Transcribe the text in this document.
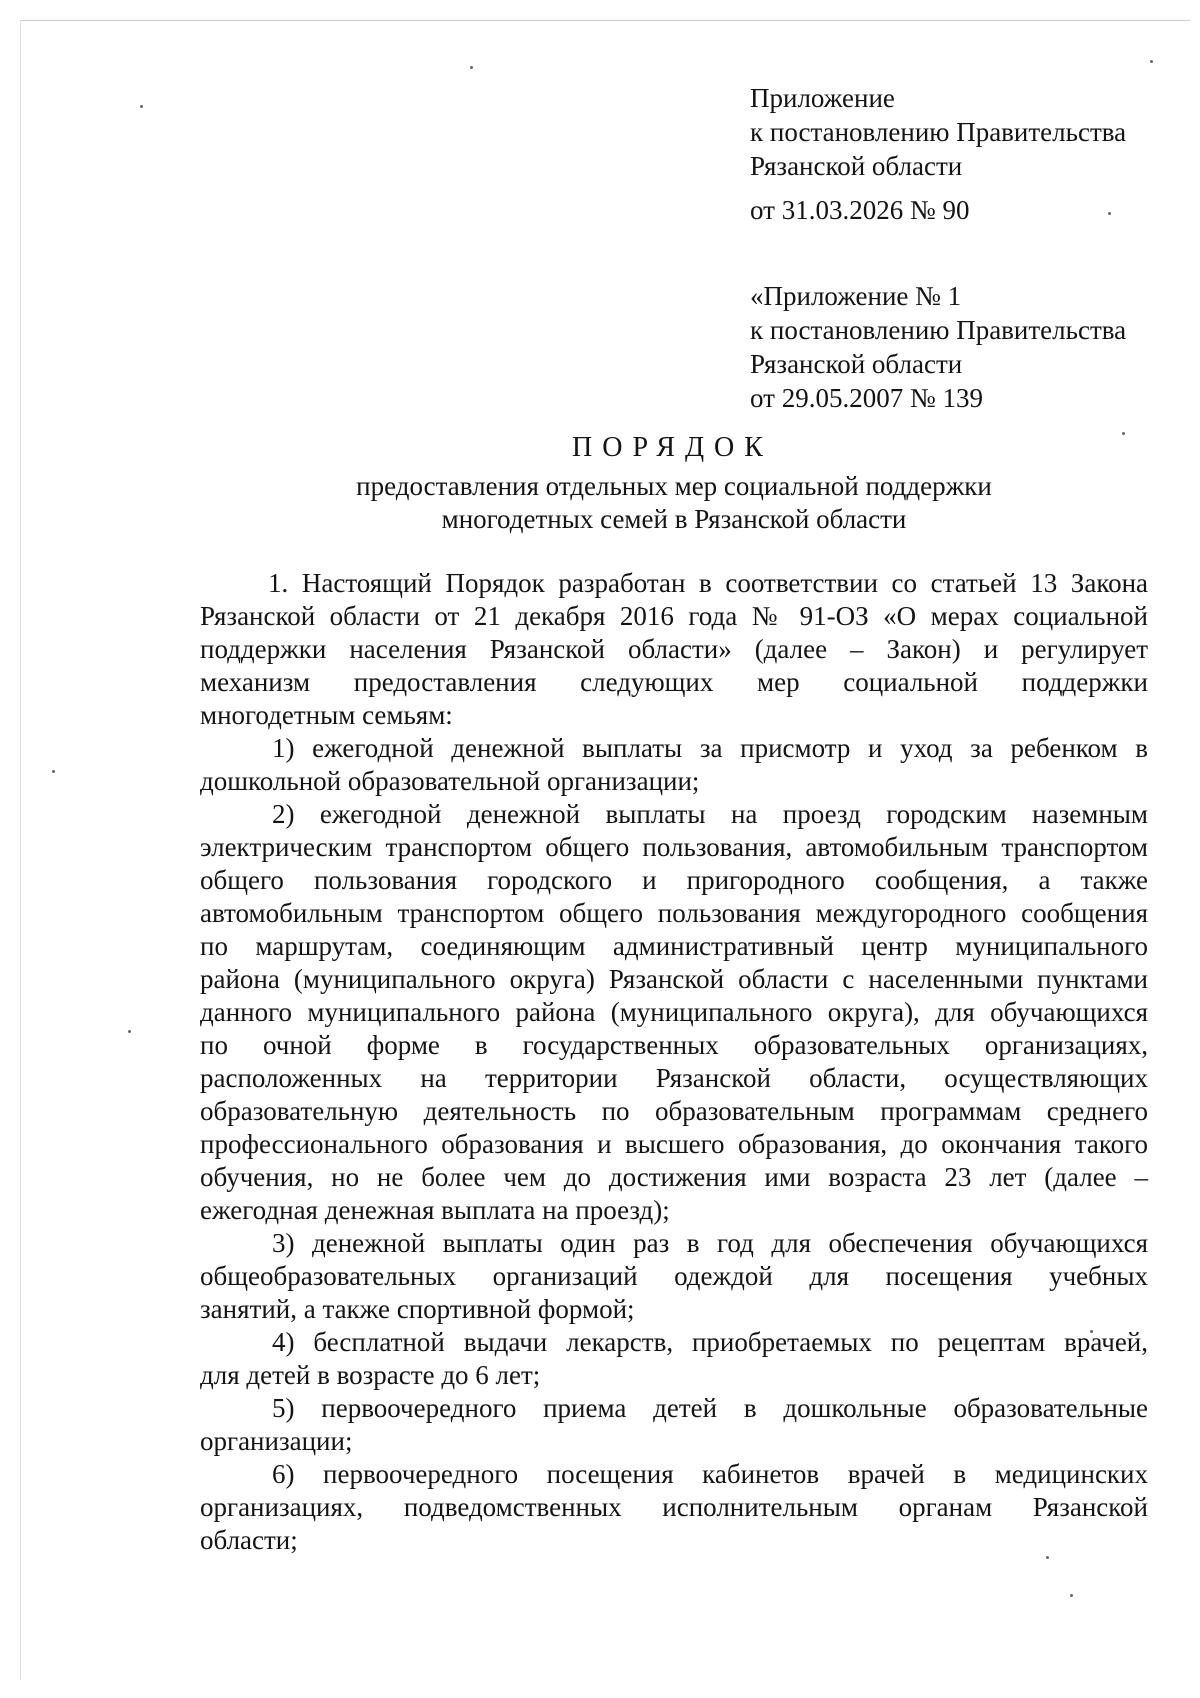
Приложение
к постановлению Правительства
Рязанской области
от 31.03.2026 № 90
«Приложение № 1
к постановлению Правительства
Рязанской области
от 29.05.2007 № 139
ПОРЯДОК
предоставления отдельных мер социальной поддержки
многодетных семей в Рязанской области
1. Настоящий Порядок разработан в соответствии со статьей 13 Закона
Рязанской области от 21 декабря 2016 года № 91-ОЗ «О мерах социальной
поддержки населения Рязанской области» (далее – Закон) и регулирует
механизм предоставления следующих мер социальной поддержки
многодетным семьям:
1) ежегодной денежной выплаты за присмотр и уход за ребенком в
дошкольной образовательной организации;
2) ежегодной денежной выплаты на проезд городским наземным
электрическим транспортом общего пользования, автомобильным транспортом
общего пользования городского и пригородного сообщения, а также
автомобильным транспортом общего пользования междугородного сообщения
по маршрутам, соединяющим административный центр муниципального
района (муниципального округа) Рязанской области с населенными пунктами
данного муниципального района (муниципального округа), для обучающихся
по очной форме в государственных образовательных организациях,
расположенных на территории Рязанской области, осуществляющих
образовательную деятельность по образовательным программам среднего
профессионального образования и высшего образования, до окончания такого
обучения, но не более чем до достижения ими возраста 23 лет (далее –
ежегодная денежная выплата на проезд);
3) денежной выплаты один раз в год для обеспечения обучающихся
общеобразовательных организаций одеждой для посещения учебных
занятий, а также спортивной формой;
4) бесплатной выдачи лекарств, приобретаемых по рецептам врачей,
для детей в возрасте до 6 лет;
5) первоочередного приема детей в дошкольные образовательные
организации;
6) первоочередного посещения кабинетов врачей в медицинских
организациях, подведомственных исполнительным органам Рязанской
области;
